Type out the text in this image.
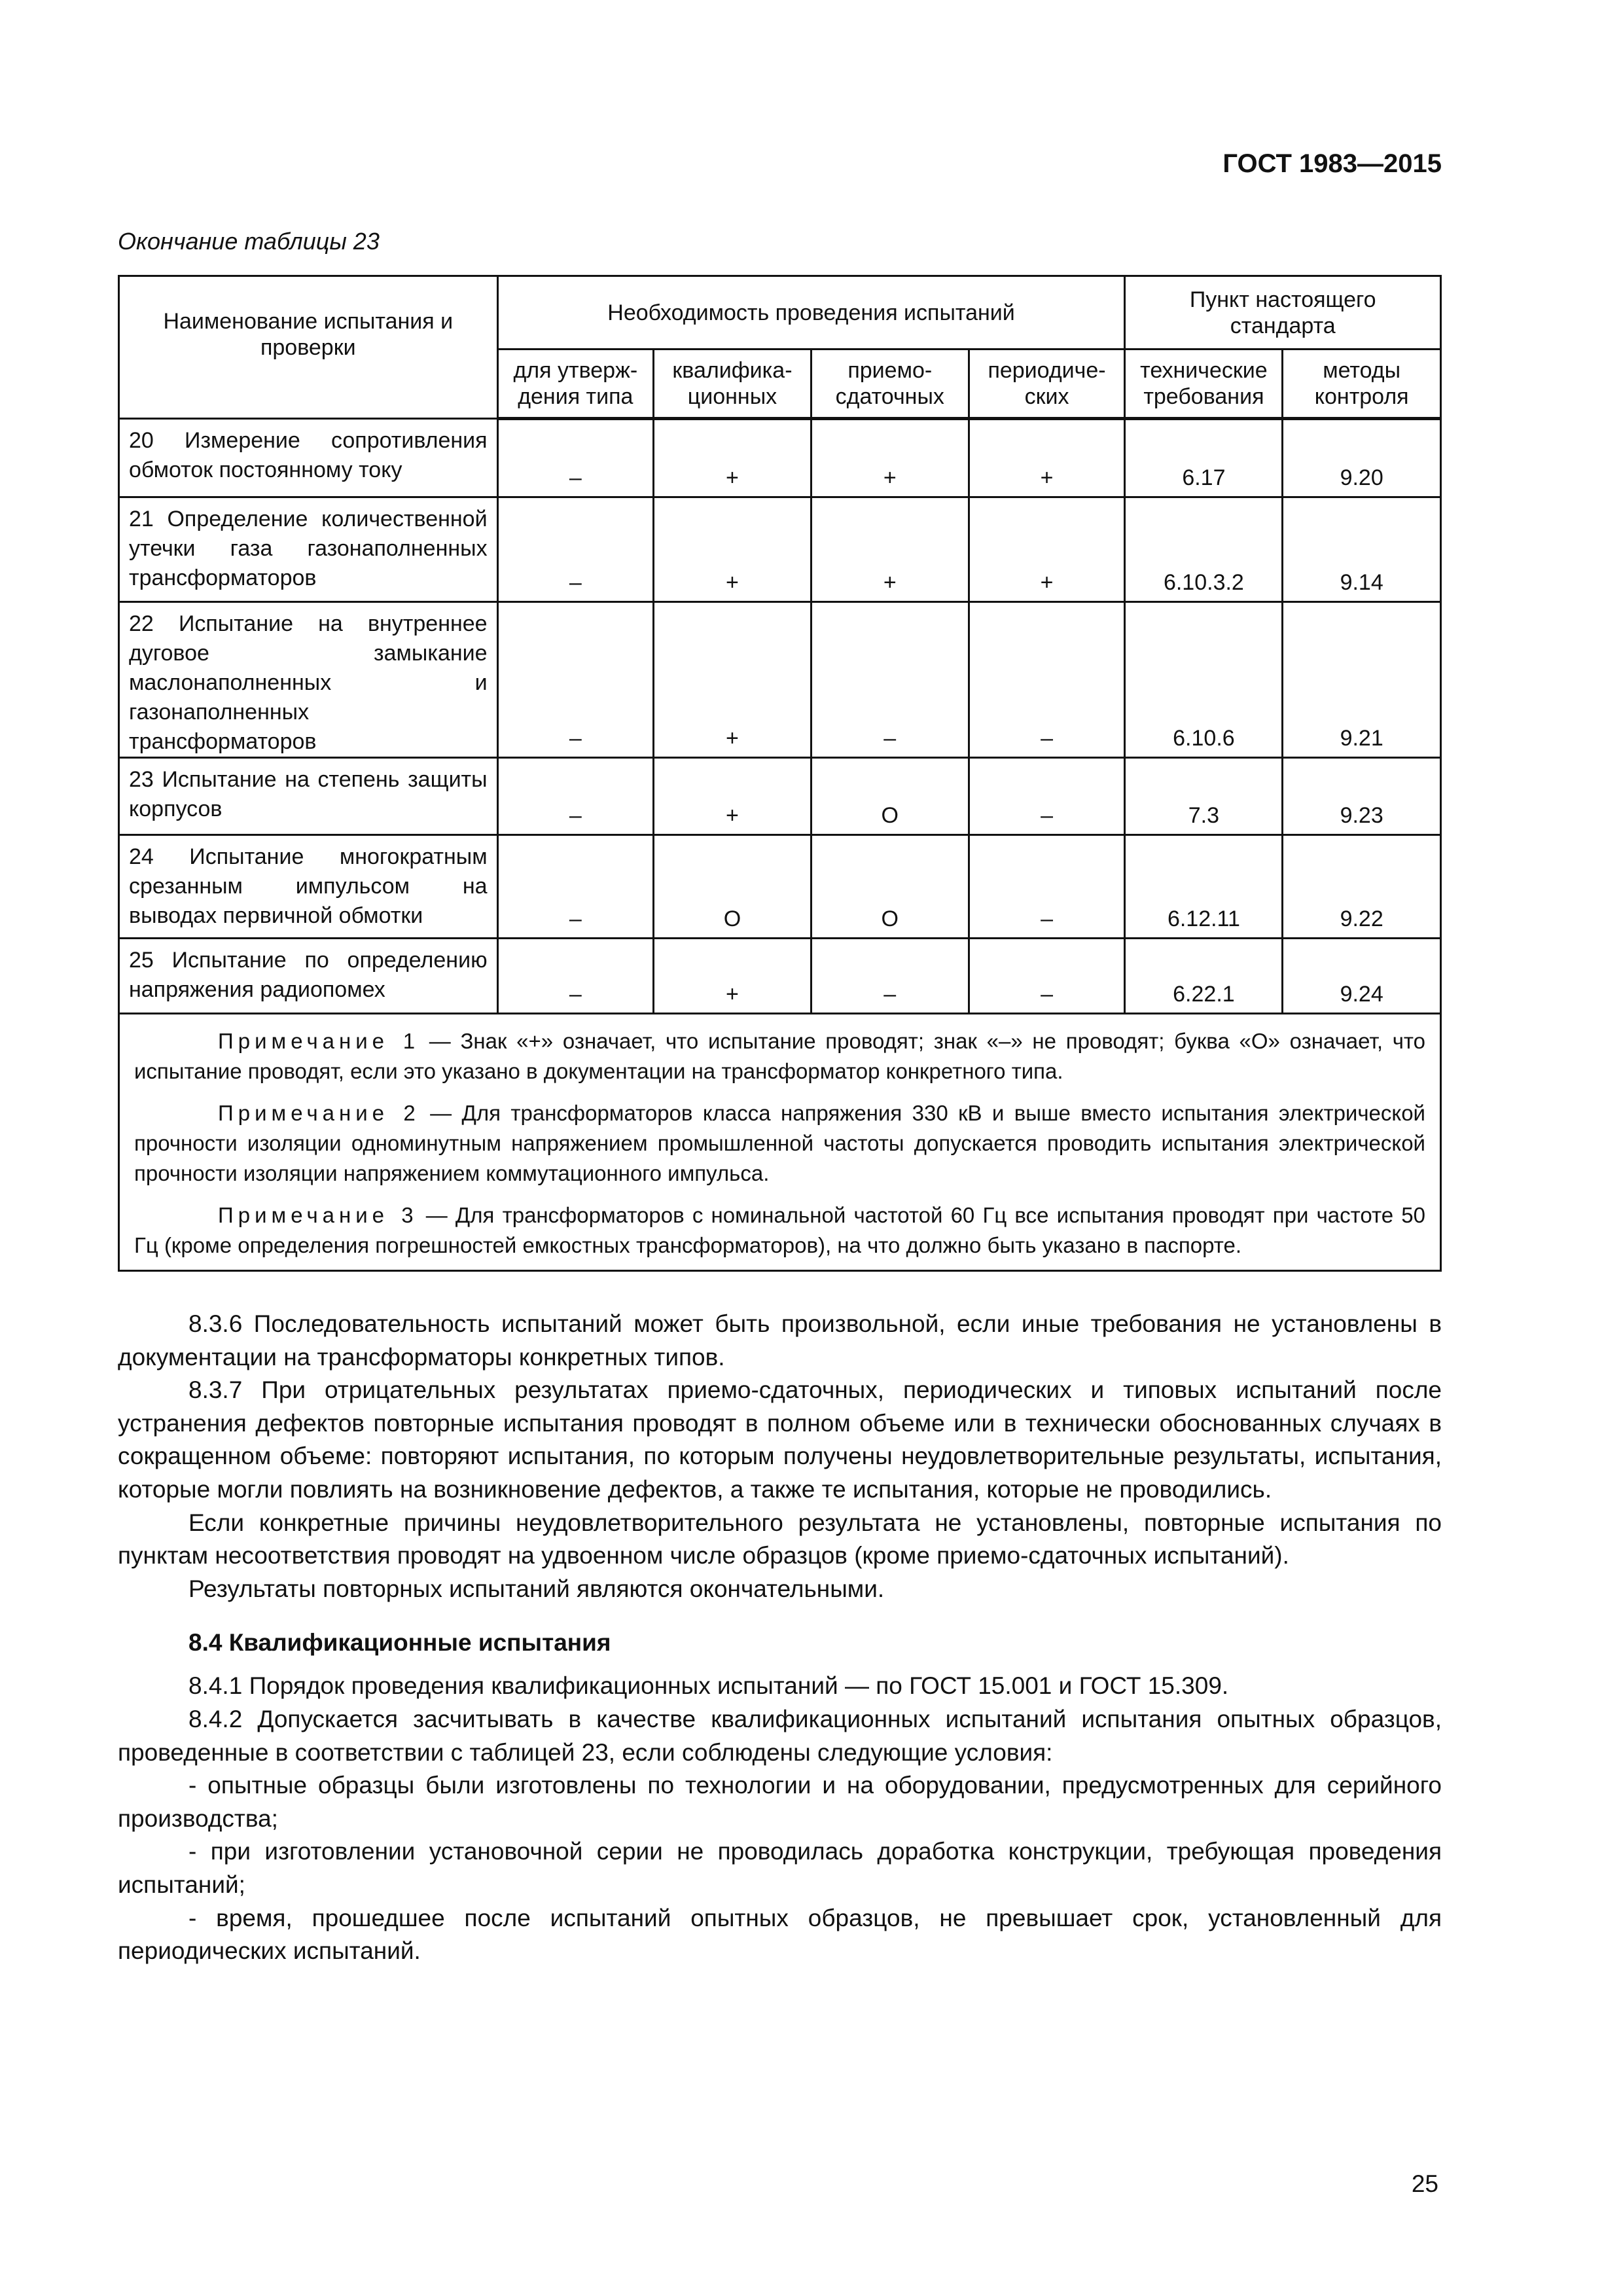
ГОСТ 1983—2015
Окончание таблицы 23
Наименование испытания и проверки	Необходимость проведения испытаний				Пункт настоящего стандарта	
	для утверж-дения типа	квалифика-ционных	приемо-сдаточных	периодиче-ских	технические требования	методы контроля
20 Измерение сопротивления обмоток постоянному току	–	+	+	+	6.17	9.20
21 Определение количественной утечки газа газонаполненных трансформаторов	–	+	+	+	6.10.3.2	9.14
22 Испытание на внутреннее дуговое замыкание маслонаполненных и газонаполненных трансформаторов	–	+	–	–	6.10.6	9.21
23 Испытание на степень защиты корпусов	–	+	О	–	7.3	9.23
24 Испытание многократным срезанным импульсом на выводах первичной обмотки	–	О	О	–	6.12.11	9.22
25 Испытание по определению напряжения радиопомех	–	+	–	–	6.22.1	9.24

Примечание 1 — Знак «+» означает, что испытание проводят; знак «–» не проводят; буква «О» означает, что испытание проводят, если это указано в документации на трансформатор конкретного типа.
Примечание 2 — Для трансформаторов класса напряжения 330 кВ и выше вместо испытания электрической прочности изоляции одноминутным напряжением промышленной частоты допускается проводить испытания электрической прочности изоляции напряжением коммутационного импульса.
Примечание 3 — Для трансформаторов с номинальной частотой 60 Гц все испытания проводят при частоте 50 Гц (кроме определения погрешностей емкостных трансформаторов), на что должно быть указано в паспорте.						

8.3.6 Последовательность испытаний может быть произвольной, если иные требования не установлены в документации на трансформаторы конкретных типов.

8.3.7 При отрицательных результатах приемо-сдаточных, периодических и типовых испытаний после устранения дефектов повторные испытания проводят в полном объеме или в технически обоснованных случаях в сокращенном объеме: повторяют испытания, по которым получены неудовлетворительные результаты, испытания, которые могли повлиять на возникновение дефектов, а также те испытания, которые не проводились.

Если конкретные причины неудовлетворительного результата не установлены, повторные испытания по пунктам несоответствия проводят на удвоенном числе образцов (кроме приемо-сдаточных испытаний).

Результаты повторных испытаний являются окончательными.

8.4 Квалификационные испытания

8.4.1 Порядок проведения квалификационных испытаний — по ГОСТ 15.001 и ГОСТ 15.309.

8.4.2 Допускается засчитывать в качестве квалификационных испытаний испытания опытных образцов, проведенные в соответствии с таблицей 23, если соблюдены следующие условия:

- опытные образцы были изготовлены по технологии и на оборудовании, предусмотренных для серийного производства;

- при изготовлении установочной серии не проводилась доработка конструкции, требующая проведения испытаний;

- время, прошедшее после испытаний опытных образцов, не превышает срок, установленный для периодических испытаний.

25
